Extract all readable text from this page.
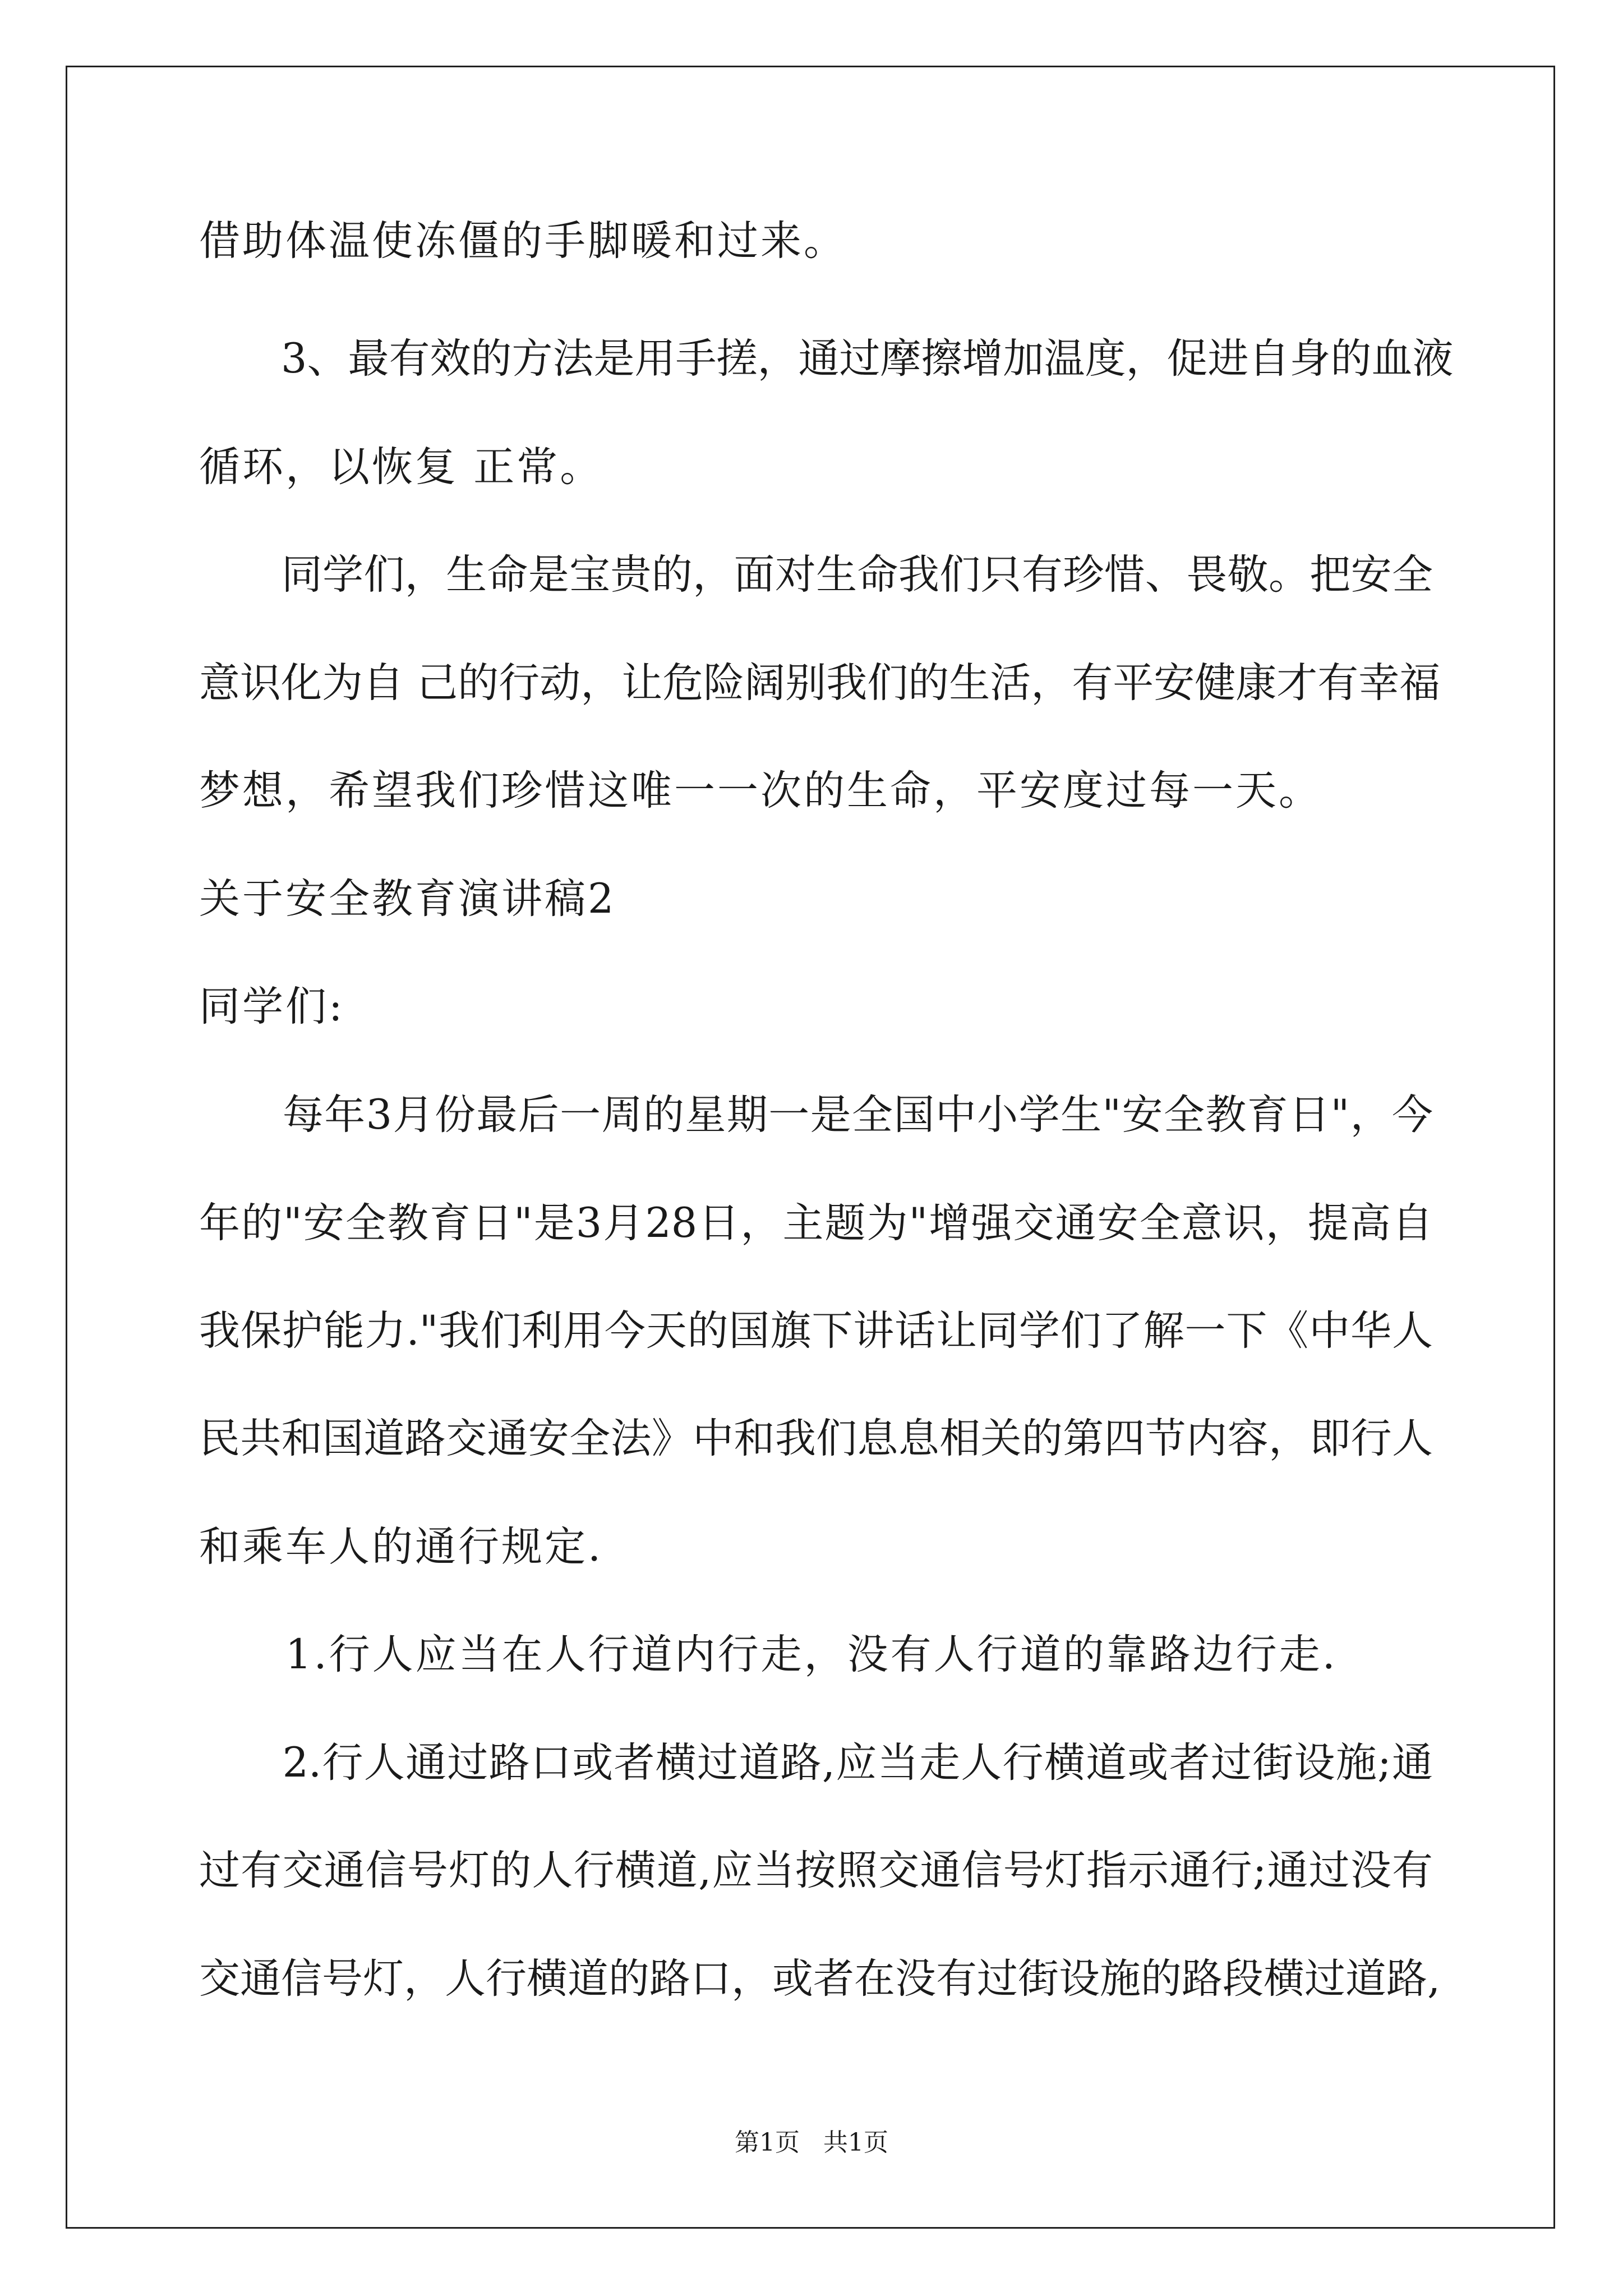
借助体温使冻僵的手脚暖和过来。
　　3、最有效的方法是用手搓，通过摩擦增加温度，促进自身的血液
循环，以恢复 正常。
　　同学们，生命是宝贵的，面对生命我们只有珍惜、畏敬。把安全
意识化为自 己的行动，让危险阔别我们的生活，有平安健康才有幸福
梦想，希望我们珍惜这唯一一次的生命，平安度过每一天。
关于安全教育演讲稿2
同学们:
　　每年3月份最后一周的星期一是全国中小学生"安全教育日"，今
年的"安全教育日"是3月28日，主题为"增强交通安全意识，提高自
我保护能力."我们利用今天的国旗下讲话让同学们了解一下《中华人
民共和国道路交通安全法》中和我们息息相关的第四节内容，即行人
和乘车人的通行规定.
　　1.行人应当在人行道内行走，没有人行道的靠路边行走.
　　2.行人通过路口或者横过道路,应当走人行横道或者过街设施;通
过有交通信号灯的人行横道,应当按照交通信号灯指示通行;通过没有
交通信号灯，人行横道的路口，或者在没有过街设施的路段横过道路,
第1页   共1页
